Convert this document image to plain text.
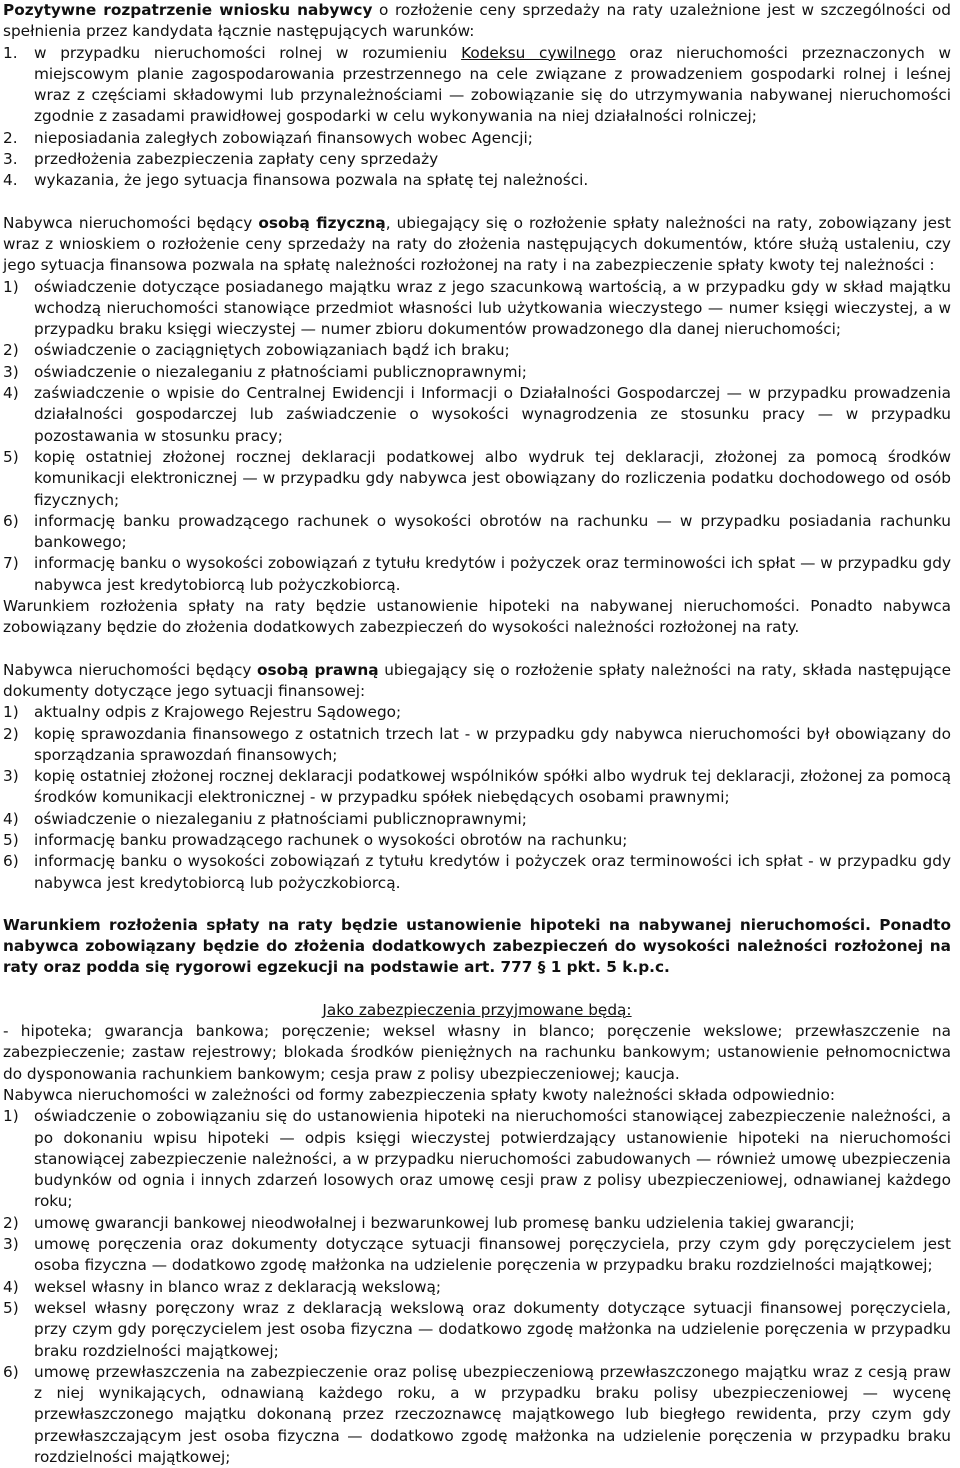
Pozytywne rozpatrzenie wniosku nabywcy o rozłożenie ceny sprzedaży na raty uzależnione jest w szczególności od spełnienia przez kandydata łącznie następujących warunków:

1. w przypadku nieruchomości rolnej w rozumieniu Kodeksu cywilnego oraz nieruchomości przeznaczonych w miejscowym planie zagospodarowania przestrzennego na cele związane z prowadzeniem gospodarki rolnej i leśnej wraz z częściami składowymi lub przynależnościami — zobowiązanie się do utrzymywania nabywanej nieruchomości zgodnie z zasadami prawidłowej gospodarki w celu wykonywania na niej działalności rolniczej;
2. nieposiadania zaległych zobowiązań finansowych wobec Agencji;
3. przedłożenia zabezpieczenia zapłaty ceny sprzedaży
4. wykazania, że jego sytuacja finansowa pozwala na spłatę tej należności.

Nabywca nieruchomości będący osobą fizyczną, ubiegający się o rozłożenie spłaty należności na raty, zobowiązany jest wraz z wnioskiem o rozłożenie ceny sprzedaży na raty do złożenia następujących dokumentów, które służą ustaleniu, czy jego sytuacja finansowa pozwala na spłatę należności rozłożonej na raty i na zabezpieczenie spłaty kwoty tej należności :

1) oświadczenie dotyczące posiadanego majątku wraz z jego szacunkową wartością, a w przypadku gdy w skład majątku wchodzą nieruchomości stanowiące przedmiot własności lub użytkowania wieczystego — numer księgi wieczystej, a w przypadku braku księgi wieczystej — numer zbioru dokumentów prowadzonego dla danej nieruchomości;
2) oświadczenie o zaciągniętych zobowiązaniach bądź ich braku;
3) oświadczenie o niezaleganiu z płatnościami publicznoprawnymi;
4) zaświadczenie o wpisie do Centralnej Ewidencji i Informacji o Działalności Gospodarczej — w przypadku prowadzenia działalności gospodarczej lub zaświadczenie o wysokości wynagrodzenia ze stosunku pracy — w przypadku pozostawania w stosunku pracy;
5) kopię ostatniej złożonej rocznej deklaracji podatkowej albo wydruk tej deklaracji, złożonej za pomocą środków komunikacji elektronicznej — w przypadku gdy nabywca jest obowiązany do rozliczenia podatku dochodowego od osób fizycznych;
6) informację banku prowadzącego rachunek o wysokości obrotów na rachunku — w przypadku posiadania rachunku bankowego;
7) informację banku o wysokości zobowiązań z tytułu kredytów i pożyczek oraz terminowości ich spłat — w przypadku gdy nabywca jest kredytobiorcą lub pożyczkobiorcą.

Warunkiem rozłożenia spłaty na raty będzie ustanowienie hipoteki na nabywanej nieruchomości. Ponadto nabywca zobowiązany będzie do złożenia dodatkowych zabezpieczeń do wysokości należności rozłożonej na raty.

Nabywca nieruchomości będący osobą prawną ubiegający się o rozłożenie spłaty należności na raty, składa następujące dokumenty dotyczące jego sytuacji finansowej:

1) aktualny odpis z Krajowego Rejestru Sądowego;
2) kopię sprawozdania finansowego z ostatnich trzech lat - w przypadku gdy nabywca nieruchomości był obowiązany do sporządzania sprawozdań finansowych;
3) kopię ostatniej złożonej rocznej deklaracji podatkowej wspólników spółki albo wydruk tej deklaracji, złożonej za pomocą środków komunikacji elektronicznej - w przypadku spółek niebędących osobami prawnymi;
4) oświadczenie o niezaleganiu z płatnościami publicznoprawnymi;
5) informację banku prowadzącego rachunek o wysokości obrotów na rachunku;
6) informację banku o wysokości zobowiązań z tytułu kredytów i pożyczek oraz terminowości ich spłat - w przypadku gdy nabywca jest kredytobiorcą lub pożyczkobiorcą.

Warunkiem rozłożenia spłaty na raty będzie ustanowienie hipoteki na nabywanej nieruchomości. Ponadto nabywca zobowiązany będzie do złożenia dodatkowych zabezpieczeń do wysokości należności rozłożonej na raty oraz podda się rygorowi egzekucji na podstawie art. 777 § 1 pkt. 5 k.p.c.

Jako zabezpieczenia przyjmowane będą:

- hipoteka; gwarancja bankowa; poręczenie; weksel własny in blanco; poręczenie wekslowe; przewłaszczenie na zabezpieczenie; zastaw rejestrowy; blokada środków pieniężnych na rachunku bankowym; ustanowienie pełnomocnictwa do dysponowania rachunkiem bankowym; cesja praw z polisy ubezpieczeniowej; kaucja.

Nabywca nieruchomości w zależności od formy zabezpieczenia spłaty kwoty należności składa odpowiednio:

1) oświadczenie o zobowiązaniu się do ustanowienia hipoteki na nieruchomości stanowiącej zabezpieczenie należności, a po dokonaniu wpisu hipoteki — odpis księgi wieczystej potwierdzający ustanowienie hipoteki na nieruchomości stanowiącej zabezpieczenie należności, a w przypadku nieruchomości zabudowanych — również umowę ubezpieczenia budynków od ognia i innych zdarzeń losowych oraz umowę cesji praw z polisy ubezpieczeniowej, odnawianej każdego roku;
2) umowę gwarancji bankowej nieodwołalnej i bezwarunkowej lub promesę banku udzielenia takiej gwarancji;
3) umowę poręczenia oraz dokumenty dotyczące sytuacji finansowej poręczyciela, przy czym gdy poręczycielem jest osoba fizyczna — dodatkowo zgodę małżonka na udzielenie poręczenia w przypadku braku rozdzielności majątkowej;
4) weksel własny in blanco wraz z deklaracją wekslową;
5) weksel własny poręczony wraz z deklaracją wekslową oraz dokumenty dotyczące sytuacji finansowej poręczyciela, przy czym gdy poręczycielem jest osoba fizyczna — dodatkowo zgodę małżonka na udzielenie poręczenia w przypadku braku rozdzielności majątkowej;
6) umowę przewłaszczenia na zabezpieczenie oraz polisę ubezpieczeniową przewłaszczonego majątku wraz z cesją praw z niej wynikających, odnawianą każdego roku, a w przypadku braku polisy ubezpieczeniowej — wycenę przewłaszczonego majątku dokonaną przez rzeczoznawcę majątkowego lub biegłego rewidenta, przy czym gdy przewłaszczającym jest osoba fizyczna — dodatkowo zgodę małżonka na udzielenie poręczenia w przypadku braku rozdzielności majątkowej;
